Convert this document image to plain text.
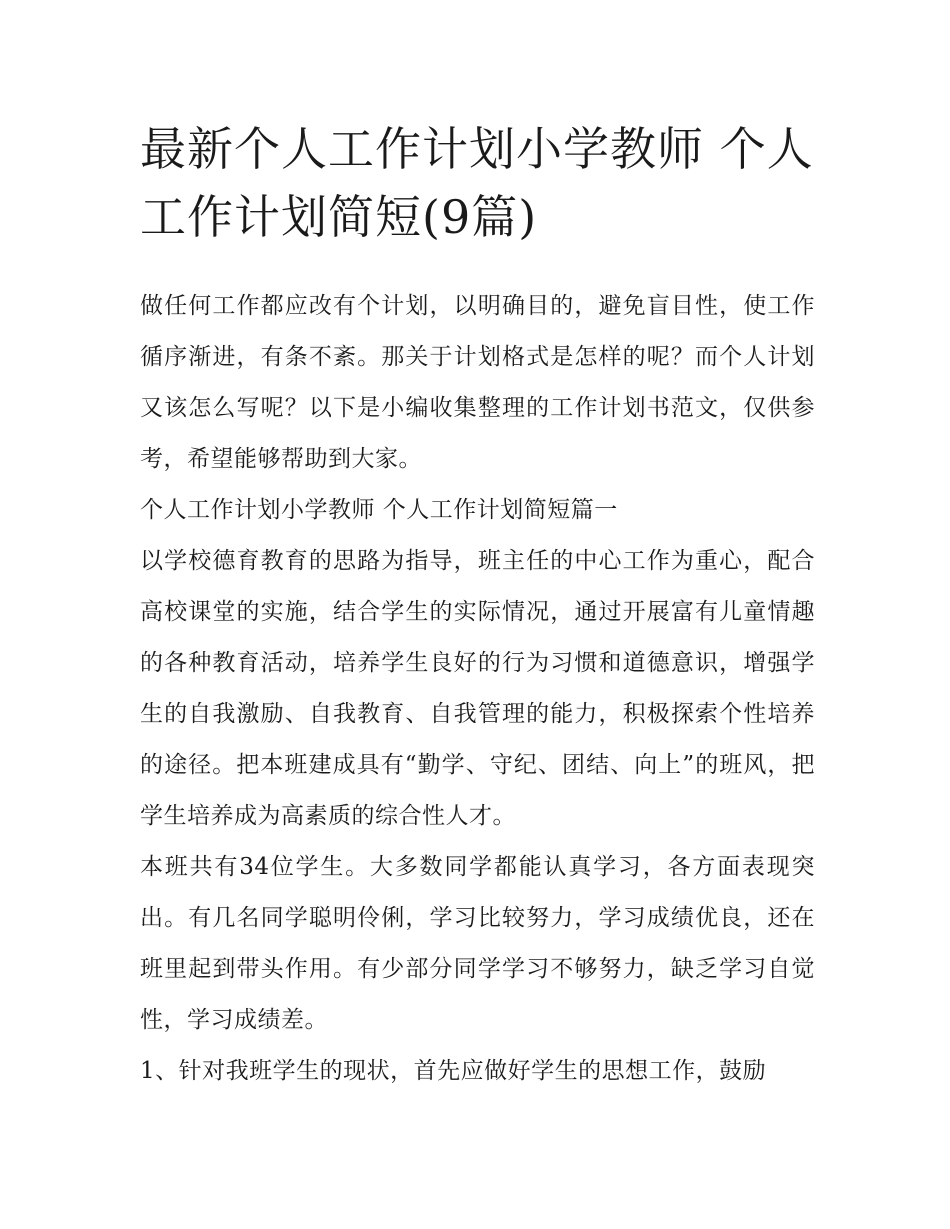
最新个人工作计划小学教师 个人工作计划简短(9篇)

做任何工作都应改有个计划，以明确目的，避免盲目性，使工作循序渐进，有条不紊。那关于计划格式是怎样的呢？而个人计划又该怎么写呢？以下是小编收集整理的工作计划书范文，仅供参考，希望能够帮助到大家。

个人工作计划小学教师 个人工作计划简短篇一

以学校德育教育的思路为指导，班主任的中心工作为重心，配合高校课堂的实施，结合学生的实际情况，通过开展富有儿童情趣的各种教育活动，培养学生良好的行为习惯和道德意识，增强学生的自我激励、自我教育、自我管理的能力，积极探索个性培养的途径。把本班建成具有“勤学、守纪、团结、向上”的班风，把学生培养成为高素质的综合性人才。

本班共有34位学生。大多数同学都能认真学习，各方面表现突出。有几名同学聪明伶俐，学习比较努力，学习成绩优良，还在班里起到带头作用。有少部分同学学习不够努力，缺乏学习自觉性，学习成绩差。

1、针对我班学生的现状，首先应做好学生的思想工作，鼓励
